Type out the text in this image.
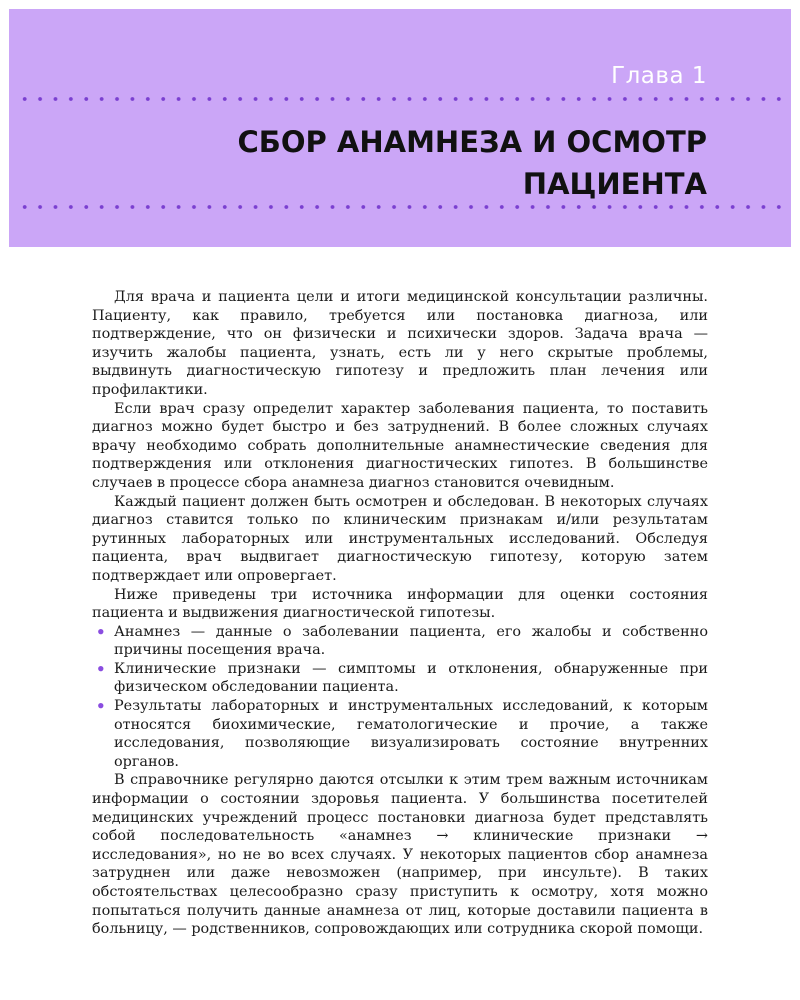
Глава 1
СБОР АНАМНЕЗА И ОСМОТР ПАЦИЕНТА

Для врача и пациента цели и итоги медицинской консультации различны. Пациенту, как правило, требуется или постановка диагноза, или подтверждение, что он физически и психически здоров. Задача врача — изучить жалобы пациента, узнать, есть ли у него скрытые проблемы, выдвинуть диагностическую гипотезу и предложить план лечения или профилактики.

Если врач сразу определит характер заболевания пациента, то поставить диагноз можно будет быстро и без затруднений. В более сложных случаях врачу необходимо собрать дополнительные анамнестические сведения для подтверждения или отклонения диагностических гипотез. В большинстве случаев в процессе сбора анамнеза диагноз становится очевидным.

Каждый пациент должен быть осмотрен и обследован. В некоторых случаях диагноз ставится только по клиническим признакам и/или результатам рутинных лабораторных или инструментальных исследований. Обследуя пациента, врач выдвигает диагностическую гипотезу, которую затем подтверждает или опровергает.

Ниже приведены три источника информации для оценки состояния пациента и выдвижения диагностической гипотезы.

• Анамнез — данные о заболевании пациента, его жалобы и собственно причины посещения врача.
• Клинические признаки — симптомы и отклонения, обнаруженные при физическом обследовании пациента.
• Результаты лабораторных и инструментальных исследований, к которым относятся биохимические, гематологические и прочие, а также исследования, позволяющие визуализировать состояние внутренних органов.

В справочнике регулярно даются отсылки к этим трем важным источникам информации о состоянии здоровья пациента. У большинства посетителей медицинских учреждений процесс постановки диагноза будет представлять собой последовательность «анамнез → клинические признаки → исследования», но не во всех случаях. У некоторых пациентов сбор анамнеза затруднен или даже невозможен (например, при инсульте). В таких обстоятельствах целесообразно сразу приступить к осмотру, хотя можно попытаться получить данные анамнеза от лиц, которые доставили пациента в больницу, — родственников, сопровождающих или сотрудника скорой помощи.
